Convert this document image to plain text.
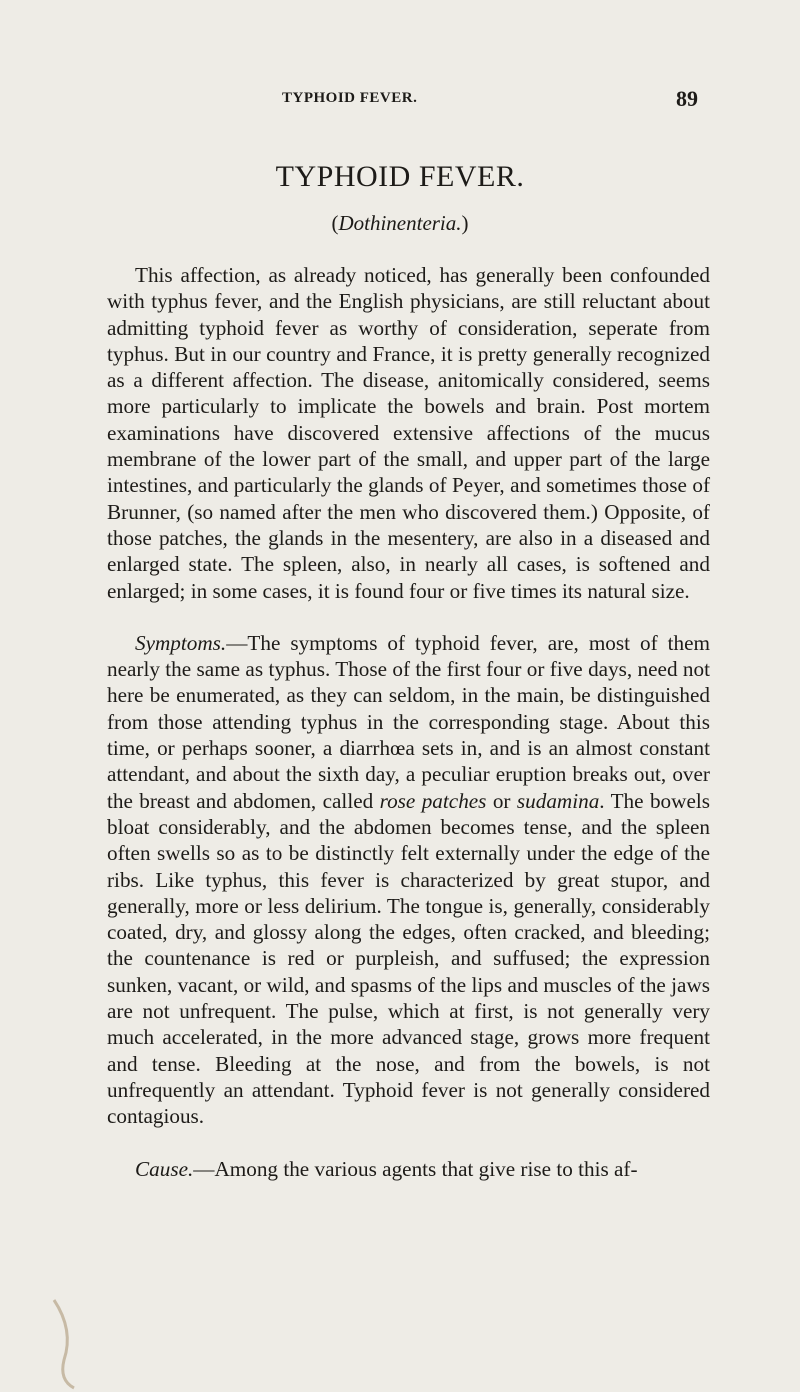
TYPHOID FEVER.	89
TYPHOID FEVER.
(Dothinenteria.)

This affection, as already noticed, has generally been confounded with typhus fever, and the English physicians, are still reluctant about admitting typhoid fever as worthy of consideration, seperate from typhus. But in our country and France, it is pretty generally recognized as a different affection. The disease, anitomically considered, seems more particularly to implicate the bowels and brain. Post mortem examinations have discovered extensive affections of the mucus membrane of the lower part of the small, and upper part of the large intestines, and particularly the glands of Peyer, and sometimes those of Brunner, (so named after the men who discovered them.) Opposite, of those patches, the glands in the mesentery, are also in a diseased and enlarged state. The spleen, also, in nearly all cases, is softened and enlarged; in some cases, it is found four or five times its natural size.

Symptoms.—The symptoms of typhoid fever, are, most of them nearly the same as typhus. Those of the first four or five days, need not here be enumerated, as they can seldom, in the main, be distinguished from those attending typhus in the corresponding stage. About this time, or perhaps sooner, a diarrhœa sets in, and is an almost constant attendant, and about the sixth day, a peculiar eruption breaks out, over the breast and abdomen, called rose patches or sudamina. The bowels bloat considerably, and the abdomen becomes tense, and the spleen often swells so as to be distinctly felt externally under the edge of the ribs. Like typhus, this fever is characterized by great stupor, and generally, more or less delirium. The tongue is, generally, considerably coated, dry, and glossy along the edges, often cracked, and bleeding; the countenance is red or purpleish, and suffused; the expression sunken, vacant, or wild, and spasms of the lips and muscles of the jaws are not unfrequent. The pulse, which at first, is not generally very much accelerated, in the more advanced stage, grows more frequent and tense. Bleeding at the nose, and from the bowels, is not unfrequently an attendant. Typhoid fever is not generally considered contagious.

Cause.—Among the various agents that give rise to this af-
